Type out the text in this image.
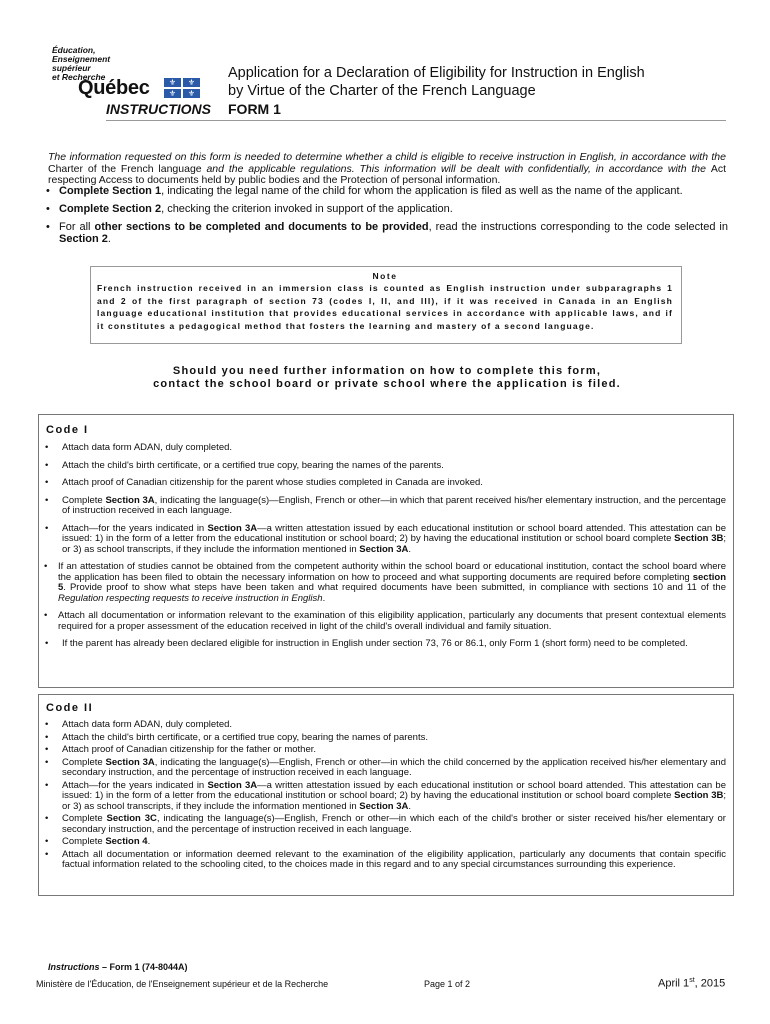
Éducation,
Enseignement
supérieur
et Recherche
Québec	⚜	⚜
⚜	⚜
Application for a Declaration of Eligibility for Instruction in English
by Virtue of the Charter of the French Language
INSTRUCTIONS FORM 1
The information requested on this form is needed to determine whether a child is eligible to receive instruction in English, in accordance with the Charter of the French language and the applicable regulations. This information will be dealt with confidentially, in accordance with the Act respecting Access to documents held by public bodies and the Protection of personal information.
• Complete Section 1, indicating the legal name of the child for whom the application is filed as well as the name of the applicant.
• Complete Section 2, checking the criterion invoked in support of the application.
• For all other sections to be completed and documents to be provided, read the instructions corresponding to the code selected in Section 2.
Note
French instruction received in an immersion class is counted as English instruction under subparagraphs 1 and 2 of the first paragraph of section 73 (codes I, II, and III), if it was received in Canada in an English language educational institution that provides educational services in accordance with applicable laws, and if it constitutes a pedagogical method that fosters the learning and mastery of a second language.
Should you need further information on how to complete this form,
contact the school board or private school where the application is filed.
Code I
• Attach data form ADAN, duly completed.
• Attach the child's birth certificate, or a certified true copy, bearing the names of the parents.
• Attach proof of Canadian citizenship for the parent whose studies completed in Canada are invoked.
• Complete Section 3A, indicating the language(s)—English, French or other—in which that parent received his/her elementary instruction, and the percentage of instruction received in each language.
• Attach—for the years indicated in Section 3A—a written attestation issued by each educational institution or school board attended. This attestation can be issued: 1) in the form of a letter from the educational institution or school board; 2) by having the educational institution or school board complete Section 3B; or 3) as school transcripts, if they include the information mentioned in Section 3A.
• If an attestation of studies cannot be obtained from the competent authority within the school board or educational institution, contact the school board where the application has been filed to obtain the necessary information on how to proceed and what supporting documents are required before completing section 5. Provide proof to show what steps have been taken and what required documents have been submitted, in compliance with sections 10 and 11 of the Regulation respecting requests to receive instruction in English.
• Attach all documentation or information relevant to the examination of this eligibility application, particularly any documents that present contextual elements required for a proper assessment of the education received in light of the child's overall individual and family situation.
• If the parent has already been declared eligible for instruction in English under section 73, 76 or 86.1, only Form 1 (short form) need to be completed.
Code II
• Attach data form ADAN, duly completed.
• Attach the child's birth certificate, or a certified true copy, bearing the names of parents.
• Attach proof of Canadian citizenship for the father or mother.
• Complete Section 3A, indicating the language(s)—English, French or other—in which the child concerned by the application received his/her elementary and secondary instruction, and the percentage of instruction received in each language.
• Attach—for the years indicated in Section 3A—a written attestation issued by each educational institution or school board attended. This attestation can be issued: 1) in the form of a letter from the educational institution or school board; 2) by having the educational institution or school board complete Section 3B; or 3) as school transcripts, if they include the information mentioned in Section 3A.
• Complete Section 3C, indicating the language(s)—English, French or other—in which each of the child's brother or sister received his/her elementary or secondary instruction, and the percentage of instruction received in each language.
• Complete Section 4.
• Attach all documentation or information deemed relevant to the examination of the eligibility application, particularly any documents that contain specific factual information related to the schooling cited, to the choices made in this regard and to any special circumstances surrounding this experience.
Instructions – Form 1 (74-8044A)
Ministère de l'Éducation, de l'Enseignement supérieur et de la Recherche	Page 1 of 2	April 1st, 2015
